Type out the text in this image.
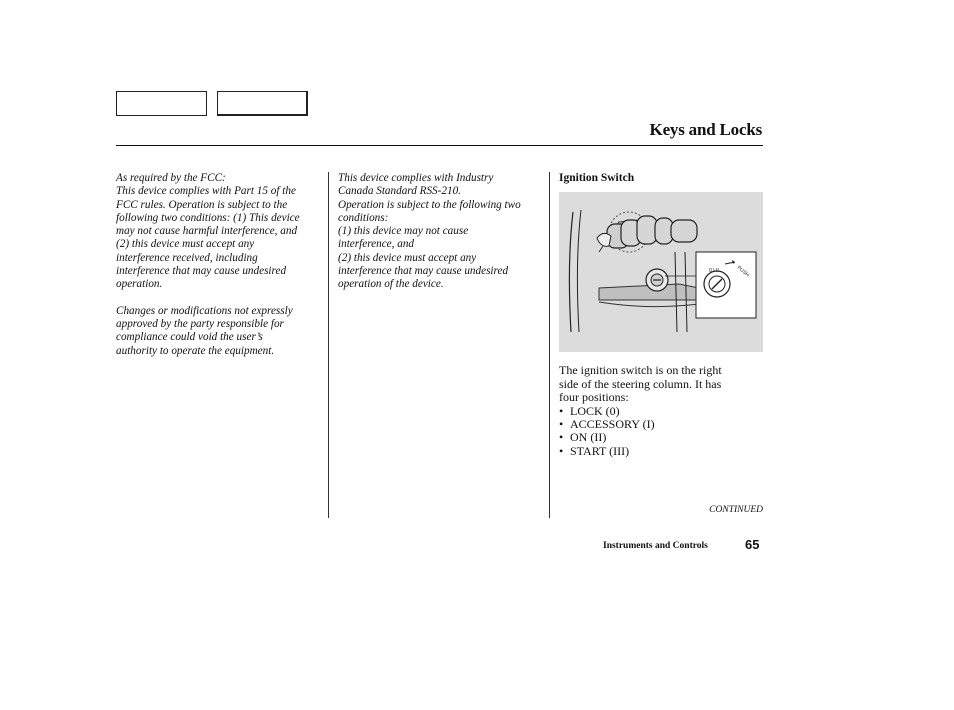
Keys and Locks

As required by the FCC:

This device complies with Part 15 of the

FCC rules. Operation is subject to the

following two conditions: (1) This device

may not cause harmful interference, and

(2) this device must accept any

interference received, including

interference that may cause undesired

operation.

Changes or modifications not expressly

approved by the party responsible for

compliance could void the user’s

authority to operate the equipment.

This device complies with Industry

Canada Standard RSS-210.

Operation is subject to the following two

conditions:

(1) this device may not cause

interference, and

(2) this device must accept any

interference that may cause undesired

operation of the device.

Ignition Switch
0 I II	PUSH

The ignition switch is on the right

side of the steering column. It has

four positions:

• LOCK (0)
• ACCESSORY (I)
• ON (II)
• START (III)
CONTINUED
Instruments and Controls	65
